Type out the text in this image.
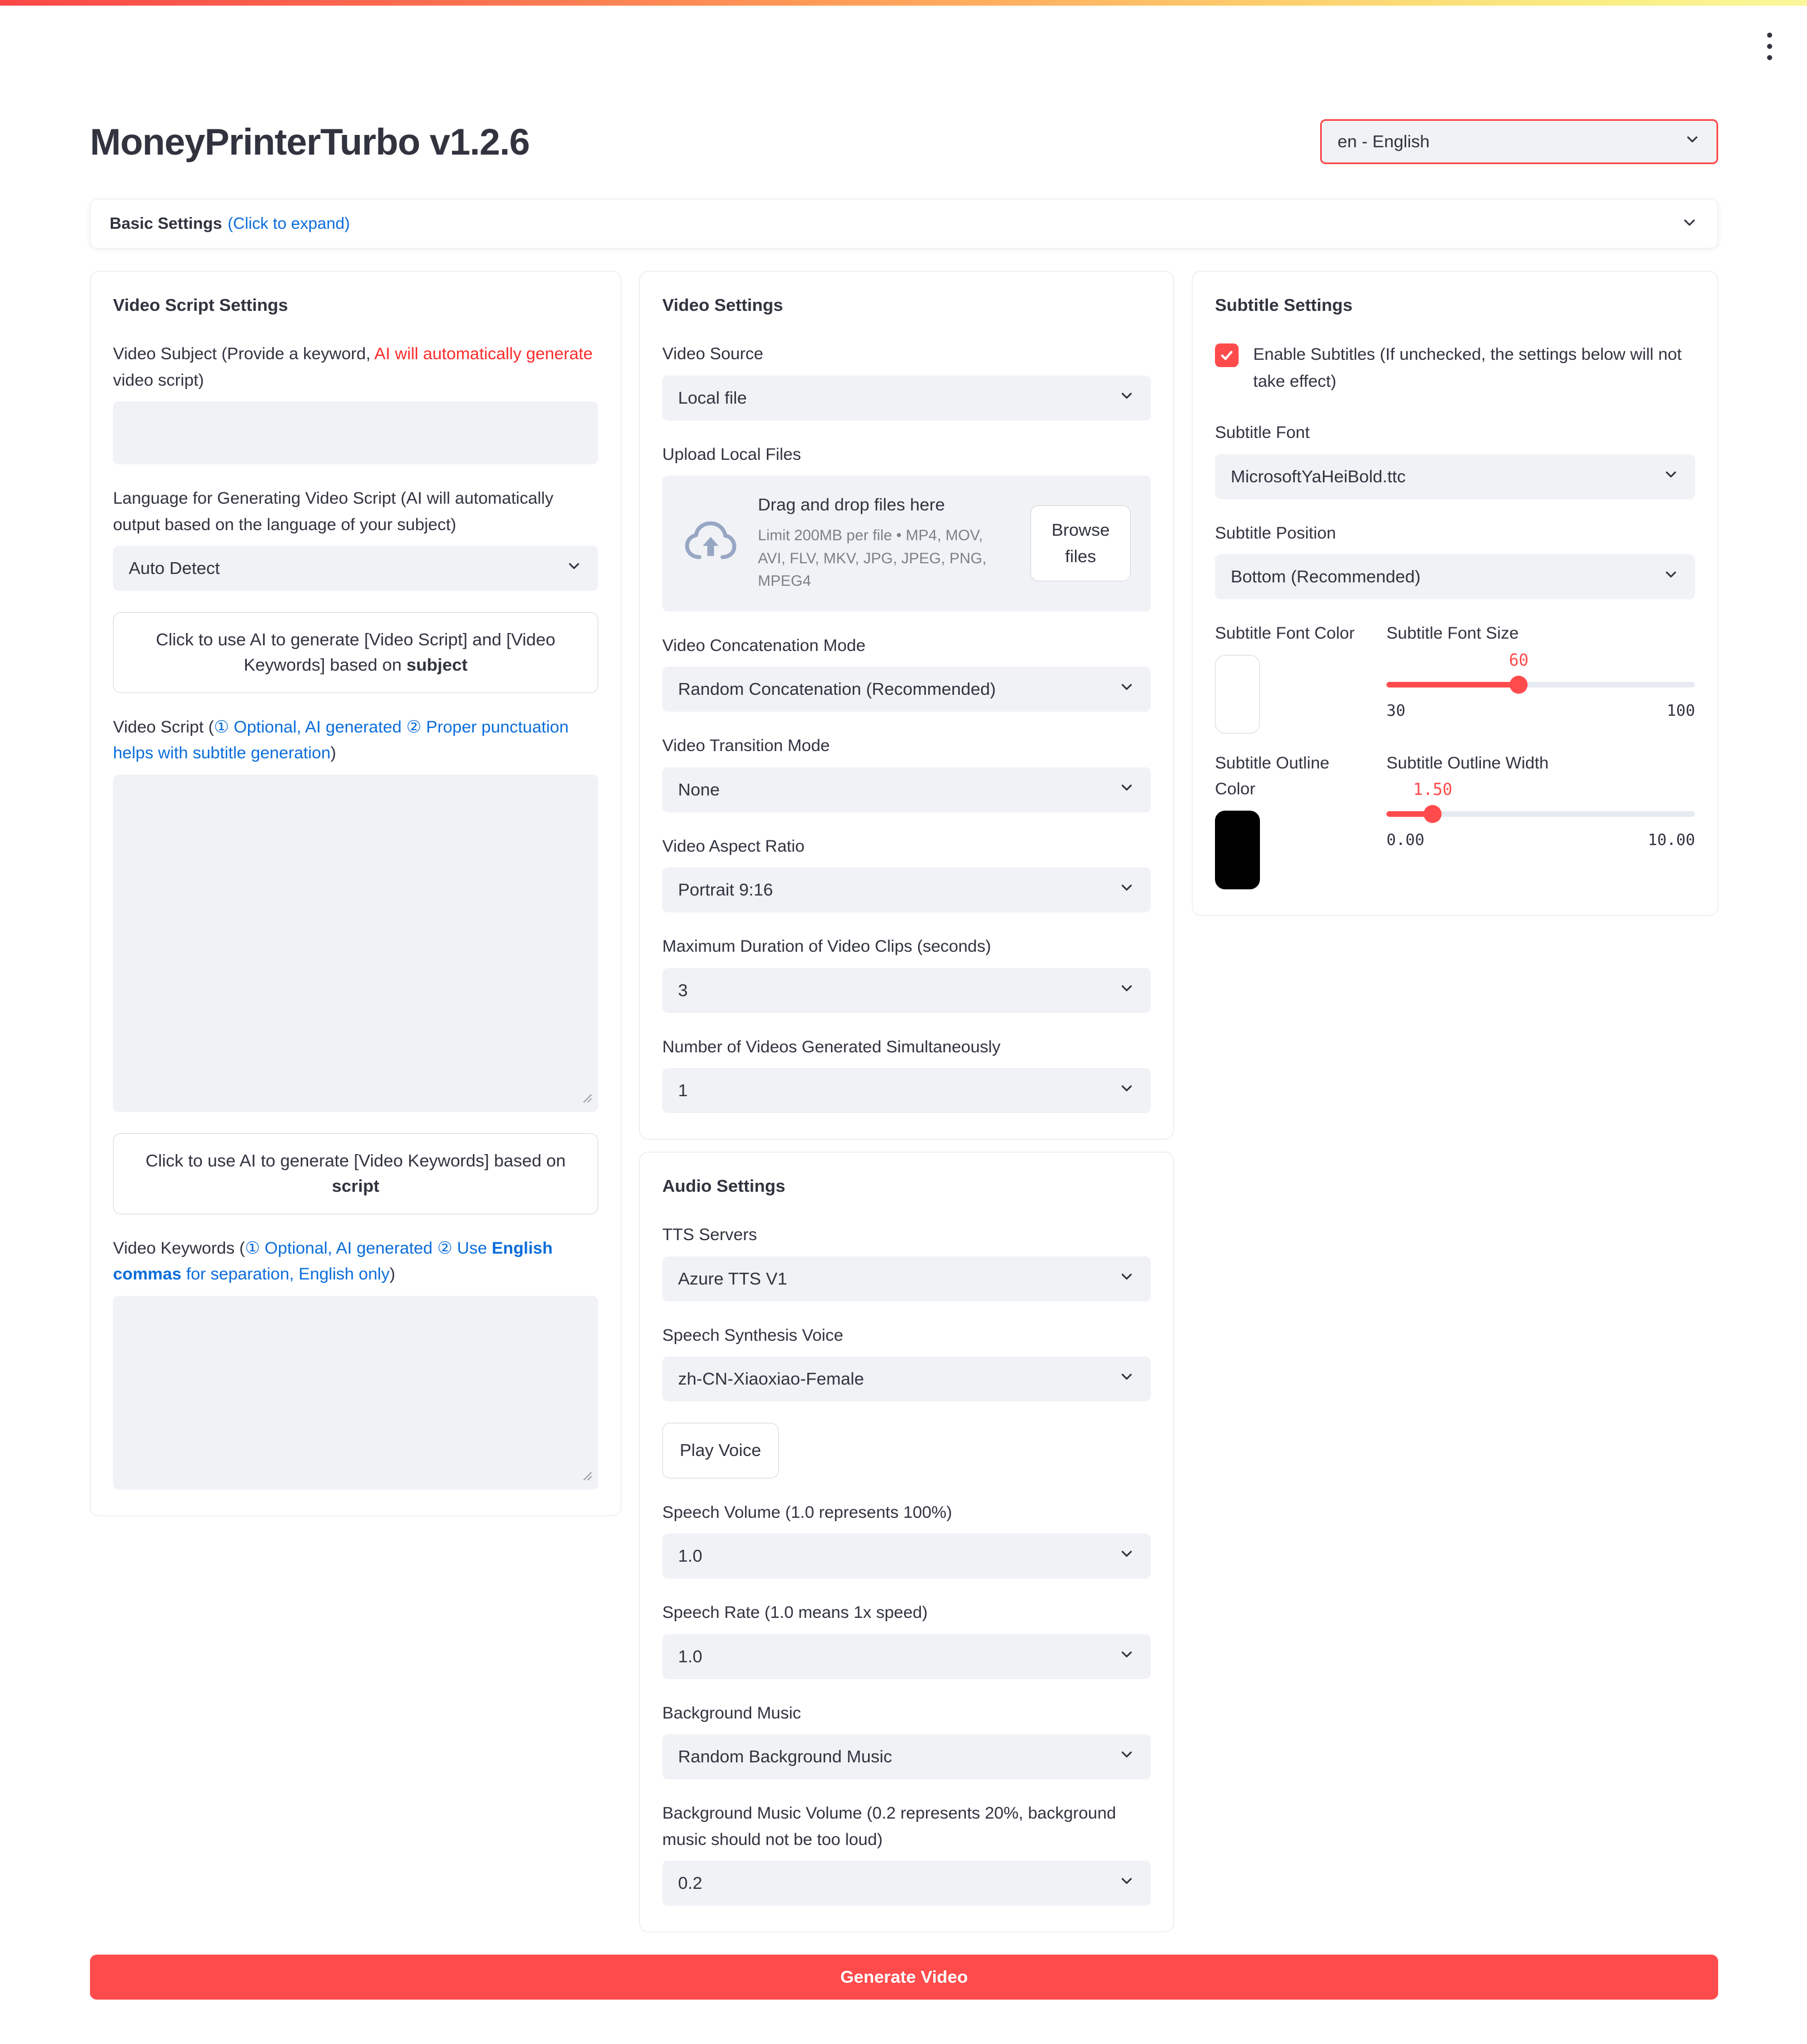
MoneyPrinterTurbo v1.2.6	en - English
Basic Settings (Click to expand)
Video Script Settings
Video Subject (Provide a keyword, AI will automatically generate video script)
Language for Generating Video Script (AI will automatically output based on the language of your subject)
Auto Detect
Click to use AI to generate [Video Script] and [Video Keywords] based on subject
Video Script (① Optional, AI generated ② Proper punctuation helps with subtitle generation)
Click to use AI to generate [Video Keywords] based on script
Video Keywords (① Optional, AI generated ② Use English commas for separation, English only)
Video Settings
Video Source
Local file
Upload Local Files
Drag and drop files here
Limit 200MB per file • MP4, MOV, AVI, FLV, MKV, JPG, JPEG, PNG, MPEG4
Browse files
Video Concatenation Mode
Random Concatenation (Recommended)
Video Transition Mode
None
Video Aspect Ratio
Portrait 9:16
Maximum Duration of Video Clips (seconds)
3
Number of Videos Generated Simultaneously
1
Audio Settings
TTS Servers
Azure TTS V1
Speech Synthesis Voice
zh-CN-Xiaoxiao-Female
Play Voice
Speech Volume (1.0 represents 100%)
1.0
Speech Rate (1.0 means 1x speed)
1.0
Background Music
Random Background Music
Background Music Volume (0.2 represents 20%, background music should not be too loud)
0.2
Subtitle Settings
Enable Subtitles (If unchecked, the settings below will not take effect)
Subtitle Font
MicrosoftYaHeiBold.ttc
Subtitle Position
Bottom (Recommended)
Subtitle Font Color Subtitle Font Size
60
30	100
Subtitle Outline Color
Subtitle Outline Width
1.50
0.00	10.00
Generate Video
